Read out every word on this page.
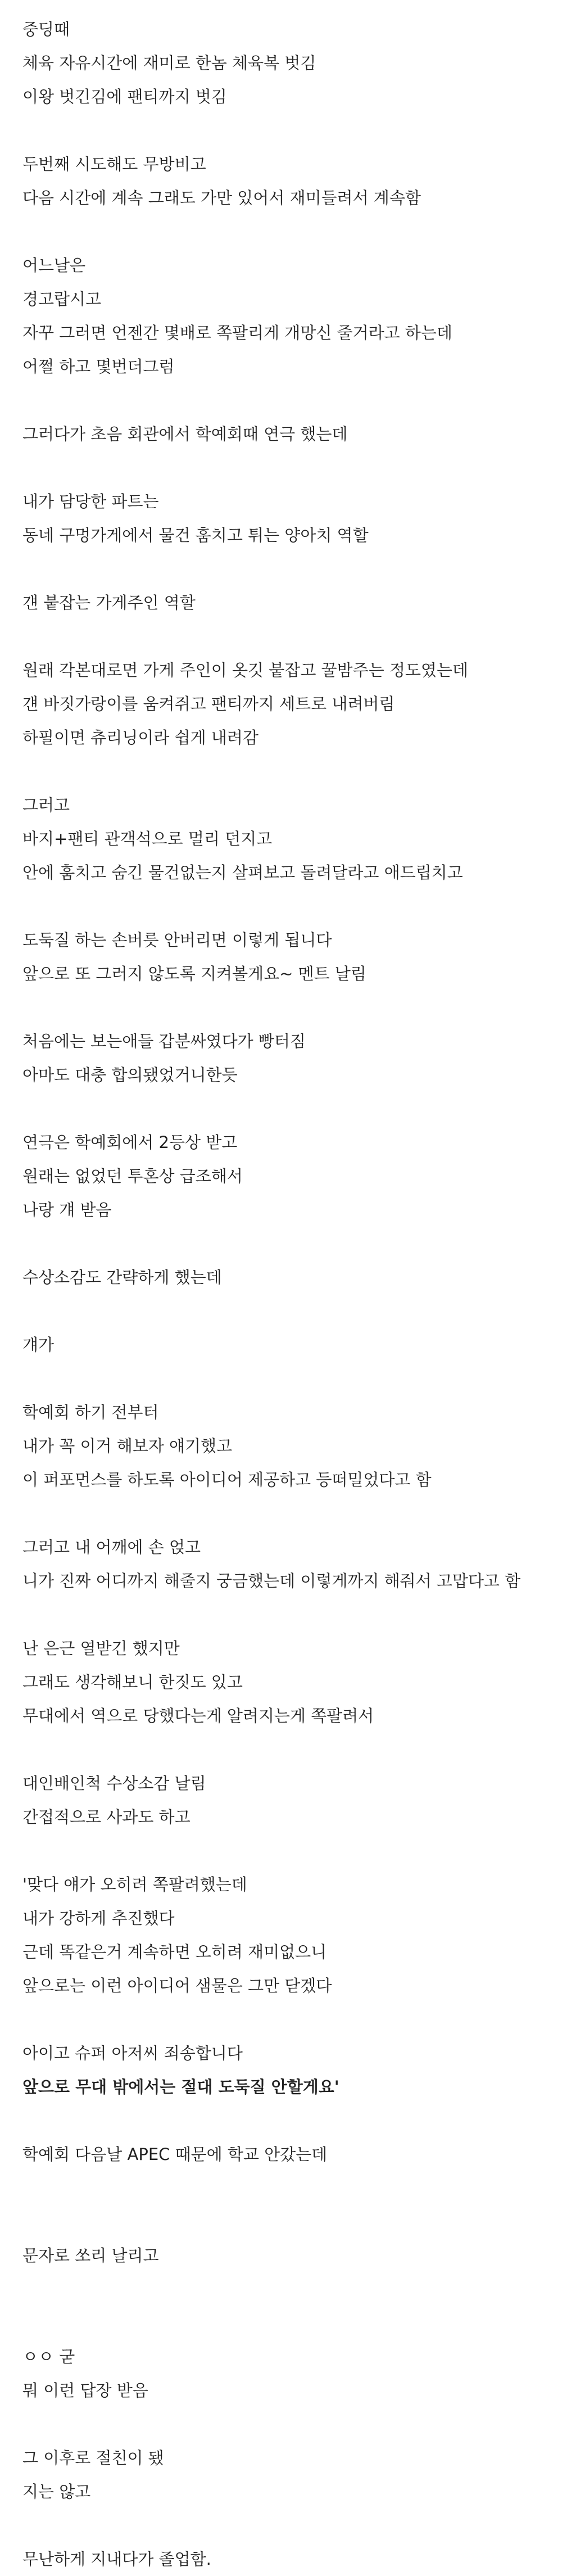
중딩때
체육 자유시간에 재미로 한놈 체육복 벗김
이왕 벗긴김에 팬티까지 벗김
두번째 시도해도 무방비고
다음 시간에 계속 그래도 가만 있어서 재미들려서 계속함
어느날은
경고랍시고
자꾸 그러면 언젠간 몇배로 쪽팔리게 개망신 줄거라고 하는데
어쩔 하고 몇번더그럼
그러다가 초음 회관에서 학예회때 연극 했는데
내가 담당한 파트는
동네 구멍가게에서 물건 훔치고 튀는 양아치 역할
걘 붙잡는 가게주인 역할
원래 각본대로면 가게 주인이 옷깃 붙잡고 꿀밤주는 정도였는데
걘 바짓가랑이를 움켜쥐고 팬티까지 세트로 내려버림
하필이면 츄리닝이라 쉽게 내려감
그러고
바지+팬티 관객석으로 멀리 던지고
안에 훔치고 숨긴 물건없는지 살펴보고 돌려달라고 애드립치고
도둑질 하는 손버릇 안버리면 이렇게 됩니다
앞으로 또 그러지 않도록 지켜볼게요~ 멘트 날림
처음에는 보는애들 갑분싸였다가 빵터짐
아마도 대충 합의됐었거니한듯
연극은 학예회에서 2등상 받고
원래는 없었던 투혼상 급조해서
나랑 걔 받음
수상소감도 간략하게 했는데
걔가
학예회 하기 전부터
내가 꼭 이거 해보자 얘기했고
이 퍼포먼스를 하도록 아이디어 제공하고 등떠밀었다고 함
그러고 내 어깨에 손 얹고
니가 진짜 어디까지 해줄지 궁금했는데 이렇게까지 해줘서 고맙다고 함
난 은근 열받긴 했지만
그래도 생각해보니 한짓도 있고
무대에서 역으로 당했다는게 알려지는게 쪽팔려서
대인배인척 수상소감 날림
간접적으로 사과도 하고
'맞다 얘가 오히려 쪽팔려했는데
내가 강하게 추진했다
근데 똑같은거 계속하면 오히려 재미없으니
앞으로는 이런 아이디어 샘물은 그만 닫겠다
아이고 슈퍼 아저씨 죄송합니다
앞으로 무대 밖에서는 절대 도둑질 안할게요'
학예회 다음날 APEC 때문에 학교 안갔는데
문자로 쏘리 날리고
ㅇㅇ 굳
뭐 이런 답장 받음
그 이후로 절친이 됐
지는 않고
무난하게 지내다가 졸업함.
